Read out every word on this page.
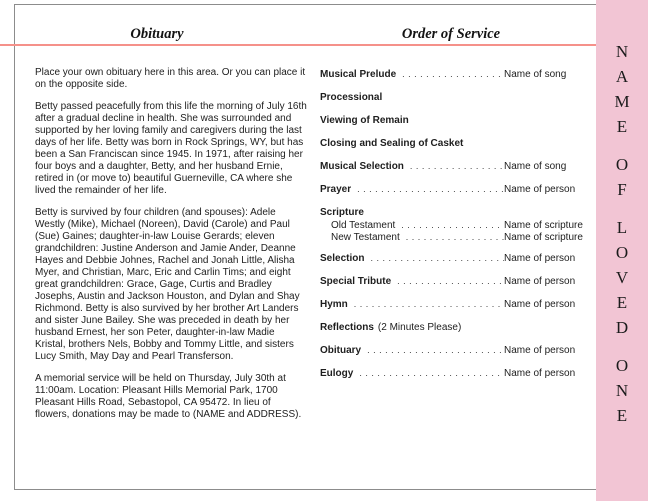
Obituary	Order of Service

Place your own obituary here in this area. Or you can place it on the opposite side.

Betty passed peacefully from this life the morning of July 16th after a gradual decline in health. She was surrounded and supported by her loving family and caregivers during the last days of her life. Betty was born in Rock Springs, WY, but has been a San Franciscan since 1945. In 1971, after raising her four boys and a daughter, Betty, and her husband Ernie, retired in (or move to) beautiful Guerneville, CA where she lived the remainder of her life.

Betty is survived by four children (and spouses): Adele Westly (Mike), Michael (Noreen), David (Carole) and Paul (Sue) Gaines; daughter-in-law Louise Gerards; eleven grandchildren: Justine Anderson and Jamie Ander, Deanne Hayes and Debbie Johnes, Rachel and Jonah Little, Alisha Myer, and Christian, Marc, Eric and Carlin Tims; and eight great grandchildren: Grace, Gage, Curtis and Bradley Josephs, Austin and Jackson Houston, and Dylan and Shay Richmond. Betty is also survived by her brother Art Landers and sister June Bailey. She was preceded in death by her husband Ernest, her son Peter, daughter-in-law Madie Kristal, brothers Nels, Bobby and Tommy Little, and sisters Lucy Smith, May Day and Pearl Transferson.

A memorial service will be held on Thursday, July 30th at 11:00am. Location: Pleasant Hills Memorial Park, 1700 Pleasant Hills Road, Sebastopol, CA 95472. In lieu of flowers, donations may be made to (NAME and ADDRESS).

Musical Prelude .....	Name of song
Processional
Viewing of Remain
Closing and Sealing of Casket
Musical Selection .....	Name of song
Prayer .....	Name of person
Scripture
Old Testament .....	Name of scripture
New Testament .....	Name of scripture
Selection .....	Name of person
Special Tribute .....	Name of person
Hymn .....	Name of person
Reflections (2 Minutes Please)
Obituary .....	Name of person
Eulogy .....	Name of person
NAME
OF
LOVED
ONE
